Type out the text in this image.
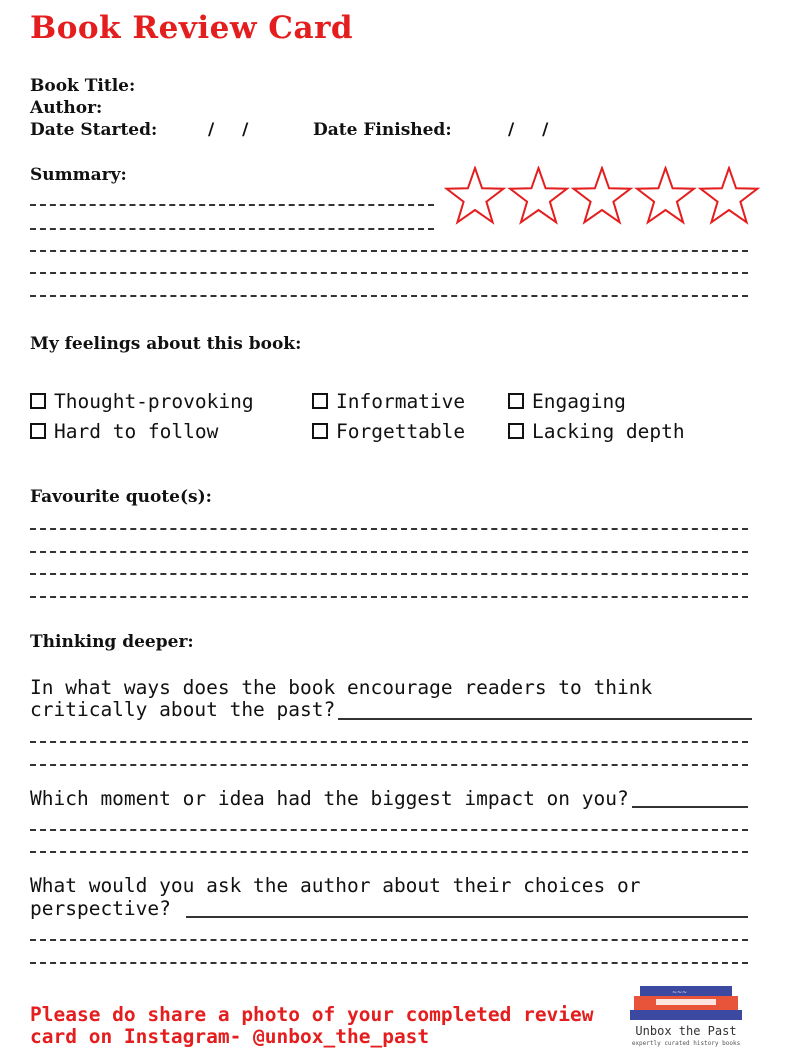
Book Review Card
Book Title:
Author:
Date Started:	/ /	Date Finished:	/ /
Summary:
My feelings about this book:
Thought-provoking	Informative	Engaging
Hard to follow	Forgettable	Lacking depth
Favourite quote(s):
Thinking deeper:
In what ways does the book encourage readers to think
critically about the past?
Which moment or idea had the biggest impact on you?
What would you ask the author about their choices or
perspective?
Please do share a photo of your completed review
card on Instagram- @unbox_the_past
~~~
Unbox the Past
expertly curated history books
